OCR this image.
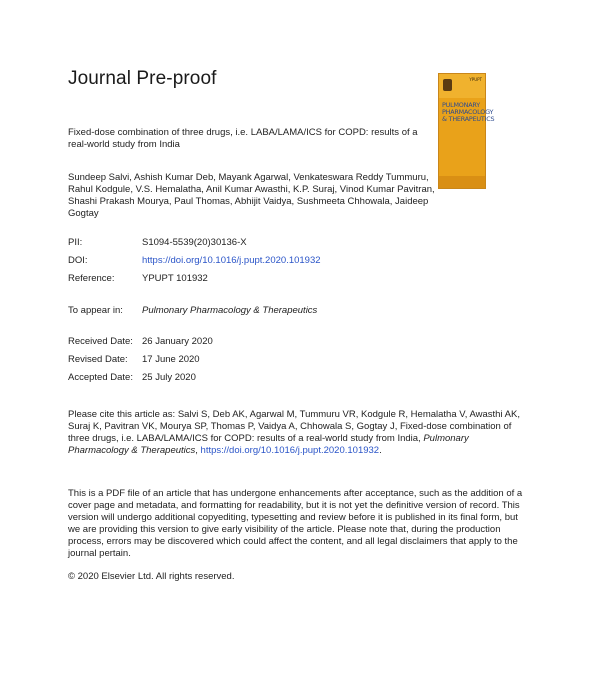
Journal Pre-proof	YPUPT
PULMONARY
PHARMACOLOGY
& THERAPEUTICS
Fixed-dose combination of three drugs, i.e. LABA/LAMA/ICS for COPD: results of a real-world study from India
Sundeep Salvi, Ashish Kumar Deb, Mayank Agarwal, Venkateswara Reddy Tummuru, Rahul Kodgule, V.S. Hemalatha, Anil Kumar Awasthi, K.P. Suraj, Vinod Kumar Pavitran, Shashi Prakash Mourya, Paul Thomas, Abhijit Vaidya, Sushmeeta Chhowala, Jaideep Gogtay
PII:	S1094-5539(20)30136-X
DOI:	https://doi.org/10.1016/j.pupt.2020.101932
Reference:	YPUPT 101932
To appear in: Pulmonary Pharmacology & Therapeutics
Received Date: 26 January 2020
Revised Date: 17 June 2020
Accepted Date: 25 July 2020
Please cite this article as: Salvi S, Deb AK, Agarwal M, Tummuru VR, Kodgule R, Hemalatha V, Awasthi AK, Suraj K, Pavitran VK, Mourya SP, Thomas P, Vaidya A, Chhowala S, Gogtay J, Fixed-dose combination of three drugs, i.e. LABA/LAMA/ICS for COPD: results of a real-world study from India, Pulmonary Pharmacology & Therapeutics, https://doi.org/10.1016/j.pupt.2020.101932.
This is a PDF file of an article that has undergone enhancements after acceptance, such as the addition of a cover page and metadata, and formatting for readability, but it is not yet the definitive version of record. This version will undergo additional copyediting, typesetting and review before it is published in its final form, but we are providing this version to give early visibility of the article. Please note that, during the production process, errors may be discovered which could affect the content, and all legal disclaimers that apply to the journal pertain.
© 2020 Elsevier Ltd. All rights reserved.
